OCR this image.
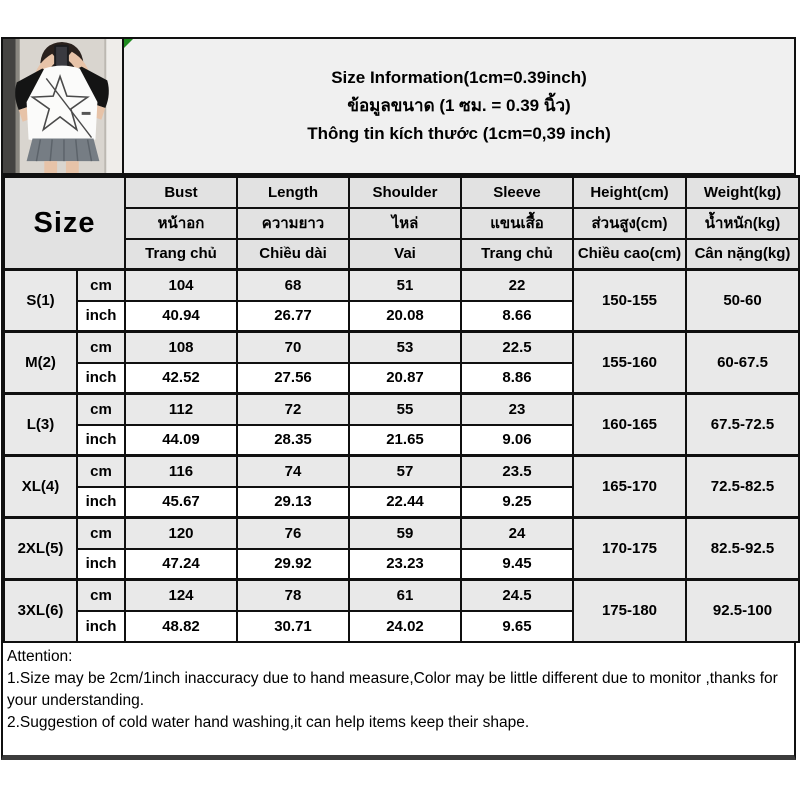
Size Information(1cm=0.39inch)
ข้อมูลขนาด (1 ซม. = 0.39 นิ้ว)
Thông tin kích thước (1cm=0,39 inch)
Size		Bust	Length	Shoulder	Sleeve	Height(cm)	Weight(kg)
		หน้าอก	ความยาว	ไหล่	แขนเสื้อ	ส่วนสูง(cm)	น้ำหนัก(kg)
		Trang chủ	Chiều dài	Vai	Trang chủ	Chiều cao(cm)	Cân nặng(kg)
S(1)	cm	104	68	51	22	150-155	50-60
	inch	40.94	26.77	20.08	8.66		
M(2)	cm	108	70	53	22.5	155-160	60-67.5
	inch	42.52	27.56	20.87	8.86		
L(3)	cm	112	72	55	23	160-165	67.5-72.5
	inch	44.09	28.35	21.65	9.06		
XL(4)	cm	116	74	57	23.5	165-170	72.5-82.5
	inch	45.67	29.13	22.44	9.25		
2XL(5)	cm	120	76	59	24	170-175	82.5-92.5
	inch	47.24	29.92	23.23	9.45		
3XL(6)	cm	124	78	61	24.5	175-180	92.5-100
	inch	48.82	30.71	24.02	9.65		
Attention:
1.Size may be 2cm/1inch inaccuracy due to hand measure,Color may be little different due to monitor ,thanks for your understanding.
2.Suggestion of cold water hand washing,it can help items keep their shape.
